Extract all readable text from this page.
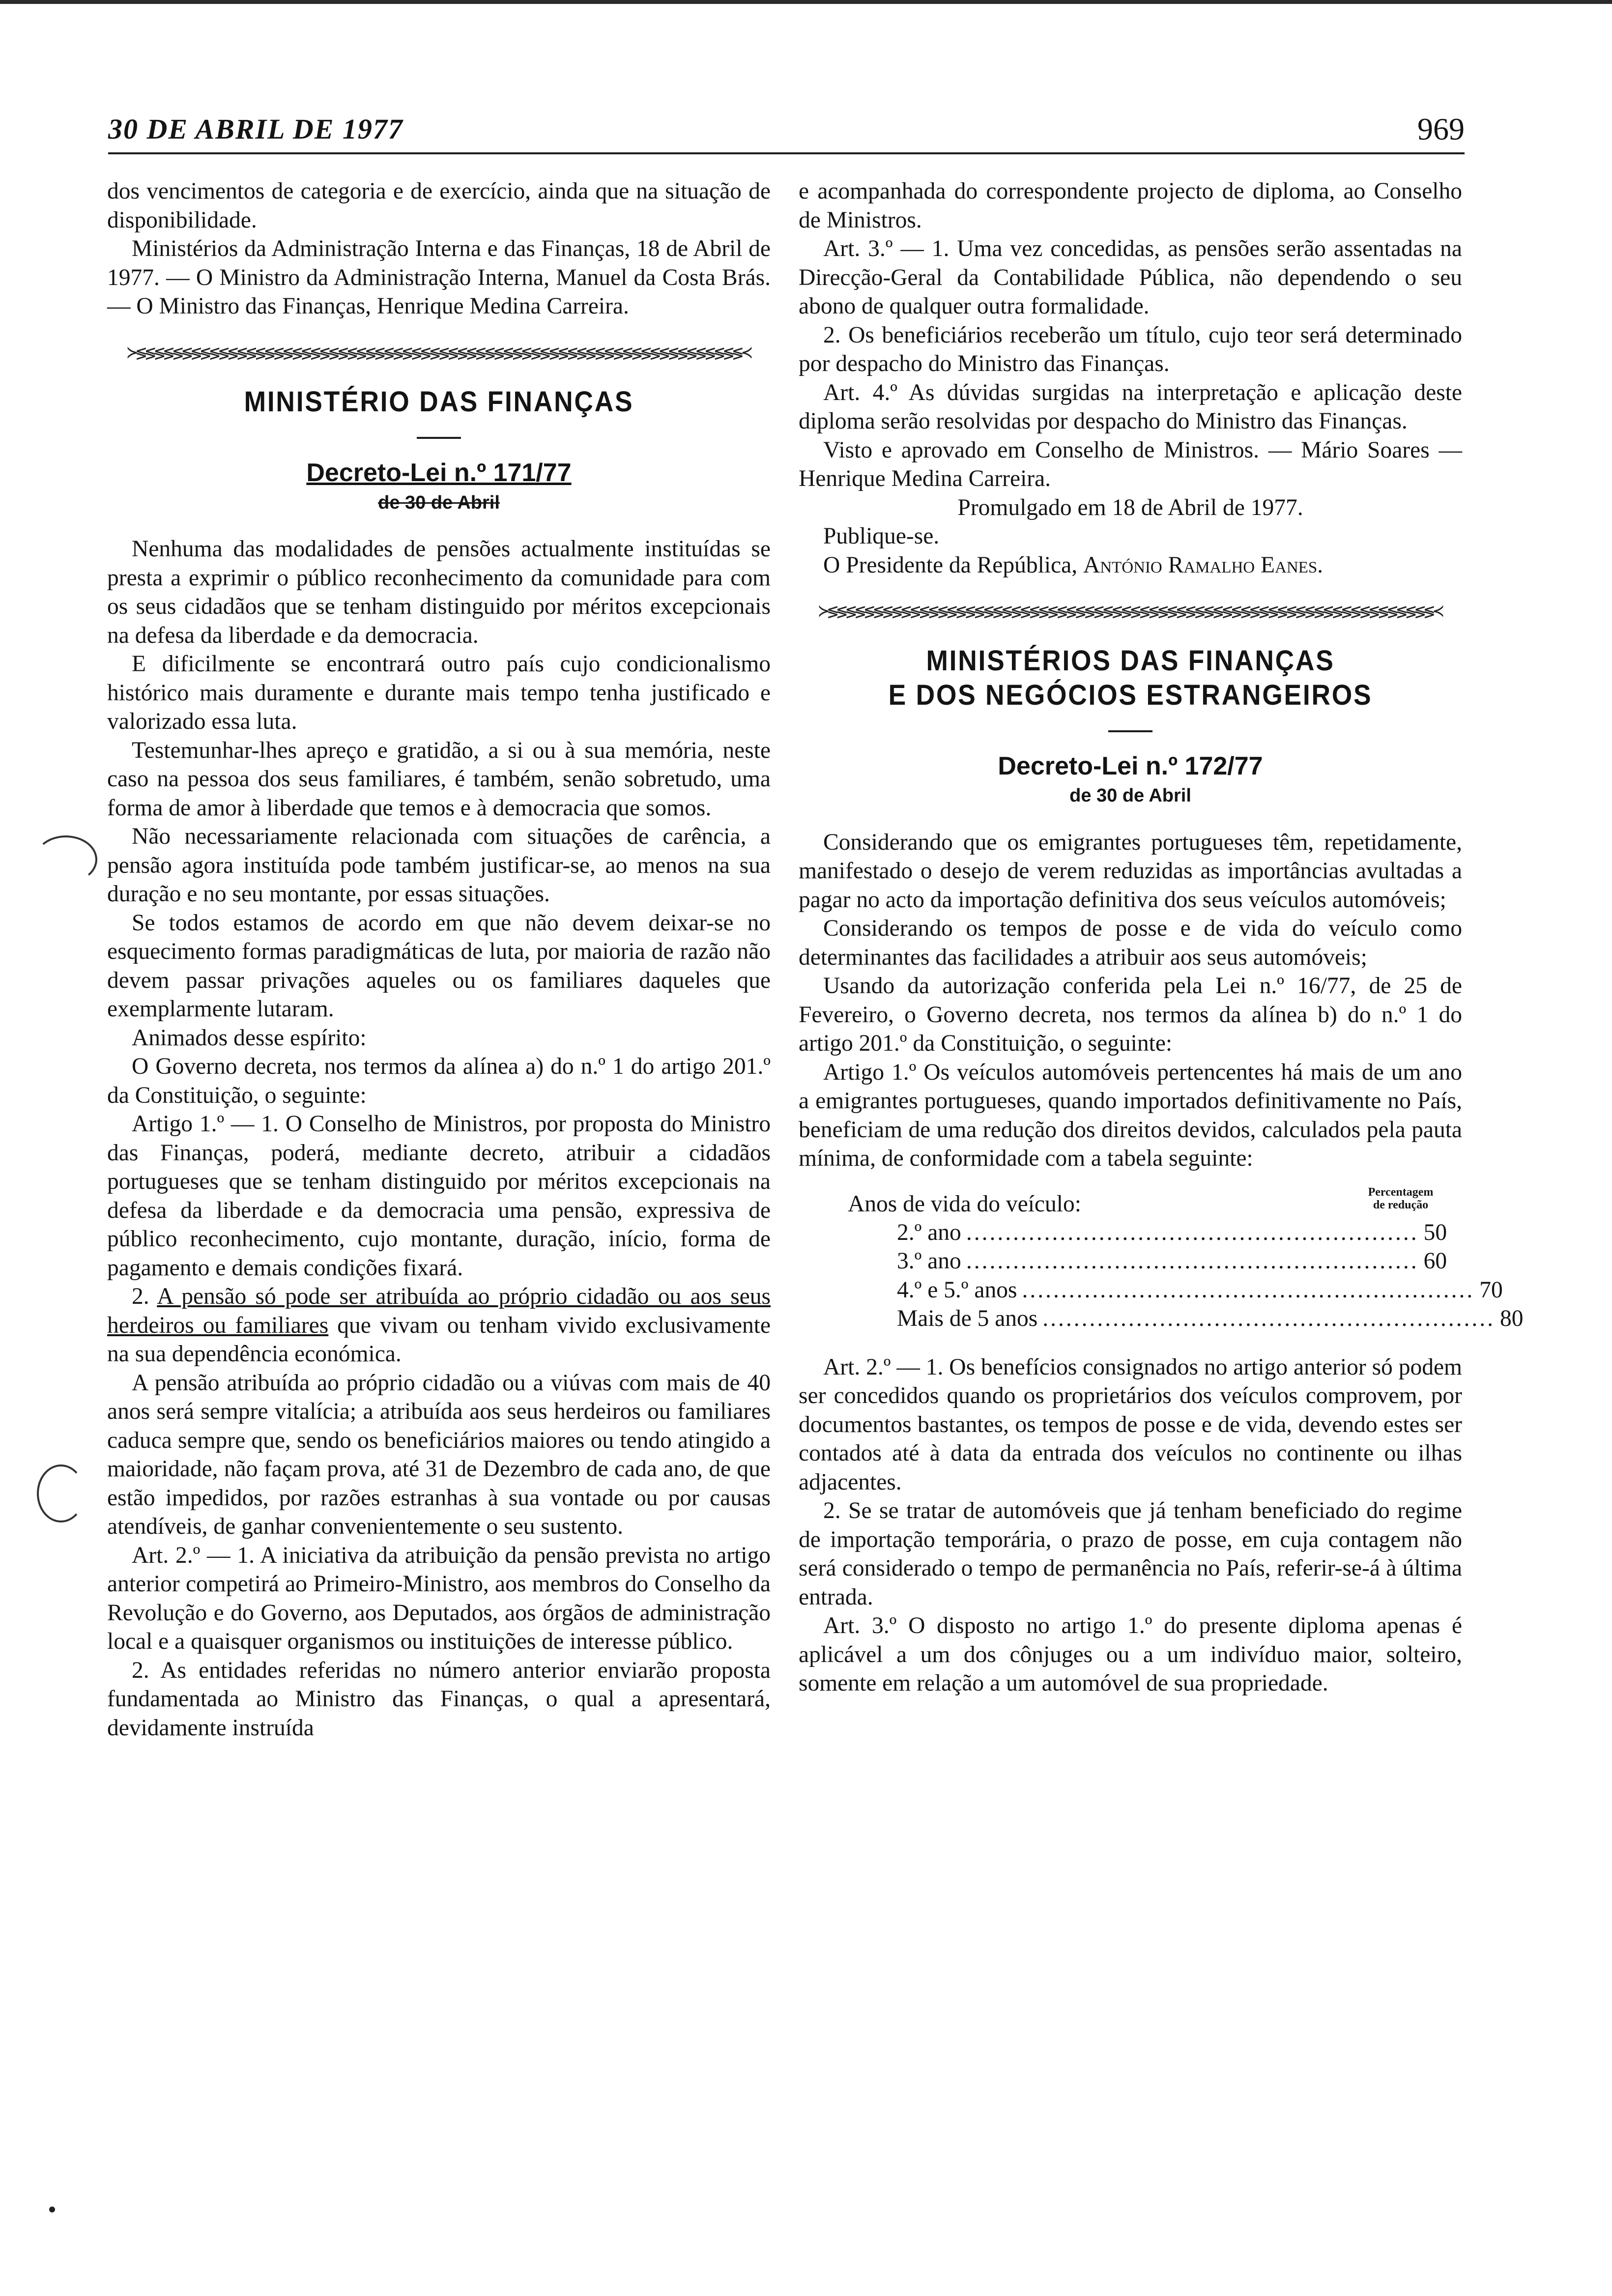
30 DE ABRIL DE 1977	969

dos vencimentos de categoria e de exercício, ainda que na situação de disponibilidade.

Ministérios da Administração Interna e das Finanças, 18 de Abril de 1977. — O Ministro da Administração Interna, Manuel da Costa Brás. — O Ministro das Finanças, Henrique Medina Carreira.

≻≶≶≶≶≶≶≶≶≶≶≶≶≶≶≶≶≶≶≶≶≶≶≶≶≶≶≶≶≶≶≶≶≶≶≶≶≶≶≶≶≶≶≶≶≶≶≶≶≶≶≶≶≶≶≶≶≶≶≶≶≶≶≶≶≶≶≺
MINISTÉRIO DAS FINANÇAS
Decreto-Lei n.º 171/77
de 30 de Abril

Nenhuma das modalidades de pensões actualmente instituídas se presta a exprimir o público reconhecimento da comunidade para com os seus cidadãos que se tenham distinguido por méritos excepcionais na defesa da liberdade e da democracia.

E dificilmente se encontrará outro país cujo condicionalismo histórico mais duramente e durante mais tempo tenha justificado e valorizado essa luta.

Testemunhar-lhes apreço e gratidão, a si ou à sua memória, neste caso na pessoa dos seus familiares, é também, senão sobretudo, uma forma de amor à liberdade que temos e à democracia que somos.

Não necessariamente relacionada com situações de carência, a pensão agora instituída pode também justificar-se, ao menos na sua duração e no seu montante, por essas situações.

Se todos estamos de acordo em que não devem deixar-se no esquecimento formas paradigmáticas de luta, por maioria de razão não devem passar privações aqueles ou os familiares daqueles que exemplarmente lutaram.

Animados desse espírito:

O Governo decreta, nos termos da alínea a) do n.º 1 do artigo 201.º da Constituição, o seguinte:

Artigo 1.º — 1. O Conselho de Ministros, por proposta do Ministro das Finanças, poderá, mediante decreto, atribuir a cidadãos portugueses que se tenham distinguido por méritos excepcionais na defesa da liberdade e da democracia uma pensão, expressiva de público reconhecimento, cujo montante, duração, início, forma de pagamento e demais condições fixará.

2. A pensão só pode ser atribuída ao próprio cidadão ou aos seus herdeiros ou familiares que vivam ou tenham vivido exclusivamente na sua dependência económica.

A pensão atribuída ao próprio cidadão ou a viúvas com mais de 40 anos será sempre vitalícia; a atribuída aos seus herdeiros ou familiares caduca sempre que, sendo os beneficiários maiores ou tendo atingido a maioridade, não façam prova, até 31 de Dezembro de cada ano, de que estão impedidos, por razões estranhas à sua vontade ou por causas atendíveis, de ganhar convenientemente o seu sustento.

Art. 2.º — 1. A iniciativa da atribuição da pensão prevista no artigo anterior competirá ao Primeiro-Ministro, aos membros do Conselho da Revolução e do Governo, aos Deputados, aos órgãos de administração local e a quaisquer organismos ou instituições de interesse público.

2. As entidades referidas no número anterior enviarão proposta fundamentada ao Ministro das Finanças, o qual a apresentará, devidamente instruída

e acompanhada do correspondente projecto de diploma, ao Conselho de Ministros.

Art. 3.º — 1. Uma vez concedidas, as pensões serão assentadas na Direcção-Geral da Contabilidade Pública, não dependendo o seu abono de qualquer outra formalidade.

2. Os beneficiários receberão um título, cujo teor será determinado por despacho do Ministro das Finanças.

Art. 4.º As dúvidas surgidas na interpretação e aplicação deste diploma serão resolvidas por despacho do Ministro das Finanças.

Visto e aprovado em Conselho de Ministros. — Mário Soares — Henrique Medina Carreira.

Promulgado em 18 de Abril de 1977.

Publique-se.

O Presidente da República, António Ramalho Eanes.

≻≶≶≶≶≶≶≶≶≶≶≶≶≶≶≶≶≶≶≶≶≶≶≶≶≶≶≶≶≶≶≶≶≶≶≶≶≶≶≶≶≶≶≶≶≶≶≶≶≶≶≶≶≶≶≶≶≶≶≶≶≶≶≶≶≶≶≺
MINISTÉRIOS DAS FINANÇAS
E DOS NEGÓCIOS ESTRANGEIROS
Decreto-Lei n.º 172/77
de 30 de Abril

Considerando que os emigrantes portugueses têm, repetidamente, manifestado o desejo de verem reduzidas as importâncias avultadas a pagar no acto da importação definitiva dos seus veículos automóveis;

Considerando os tempos de posse e de vida do veículo como determinantes das facilidades a atribuir aos seus automóveis;

Usando da autorização conferida pela Lei n.º 16/77, de 25 de Fevereiro, o Governo decreta, nos termos da alínea b) do n.º 1 do artigo 201.º da Constituição, o seguinte:

Artigo 1.º Os veículos automóveis pertencentes há mais de um ano a emigrantes portugueses, quando importados definitivamente no País, beneficiam de uma redução dos direitos devidos, calculados pela pauta mínima, de conformidade com a tabela seguinte:

Anos de vida do veículo:	Percentagem
de redução
2.º ano .......................................................... 50
3.º ano .......................................................... 60
4.º e 5.º anos .......................................................... 70
Mais de 5 anos .......................................................... 80

Art. 2.º — 1. Os benefícios consignados no artigo anterior só podem ser concedidos quando os proprietários dos veículos comprovem, por documentos bastantes, os tempos de posse e de vida, devendo estes ser contados até à data da entrada dos veículos no continente ou ilhas adjacentes.

2. Se se tratar de automóveis que já tenham beneficiado do regime de importação temporária, o prazo de posse, em cuja contagem não será considerado o tempo de permanência no País, referir-se-á à última entrada.

Art. 3.º O disposto no artigo 1.º do presente diploma apenas é aplicável a um dos cônjuges ou a um indivíduo maior, solteiro, somente em relação a um automóvel de sua propriedade.
